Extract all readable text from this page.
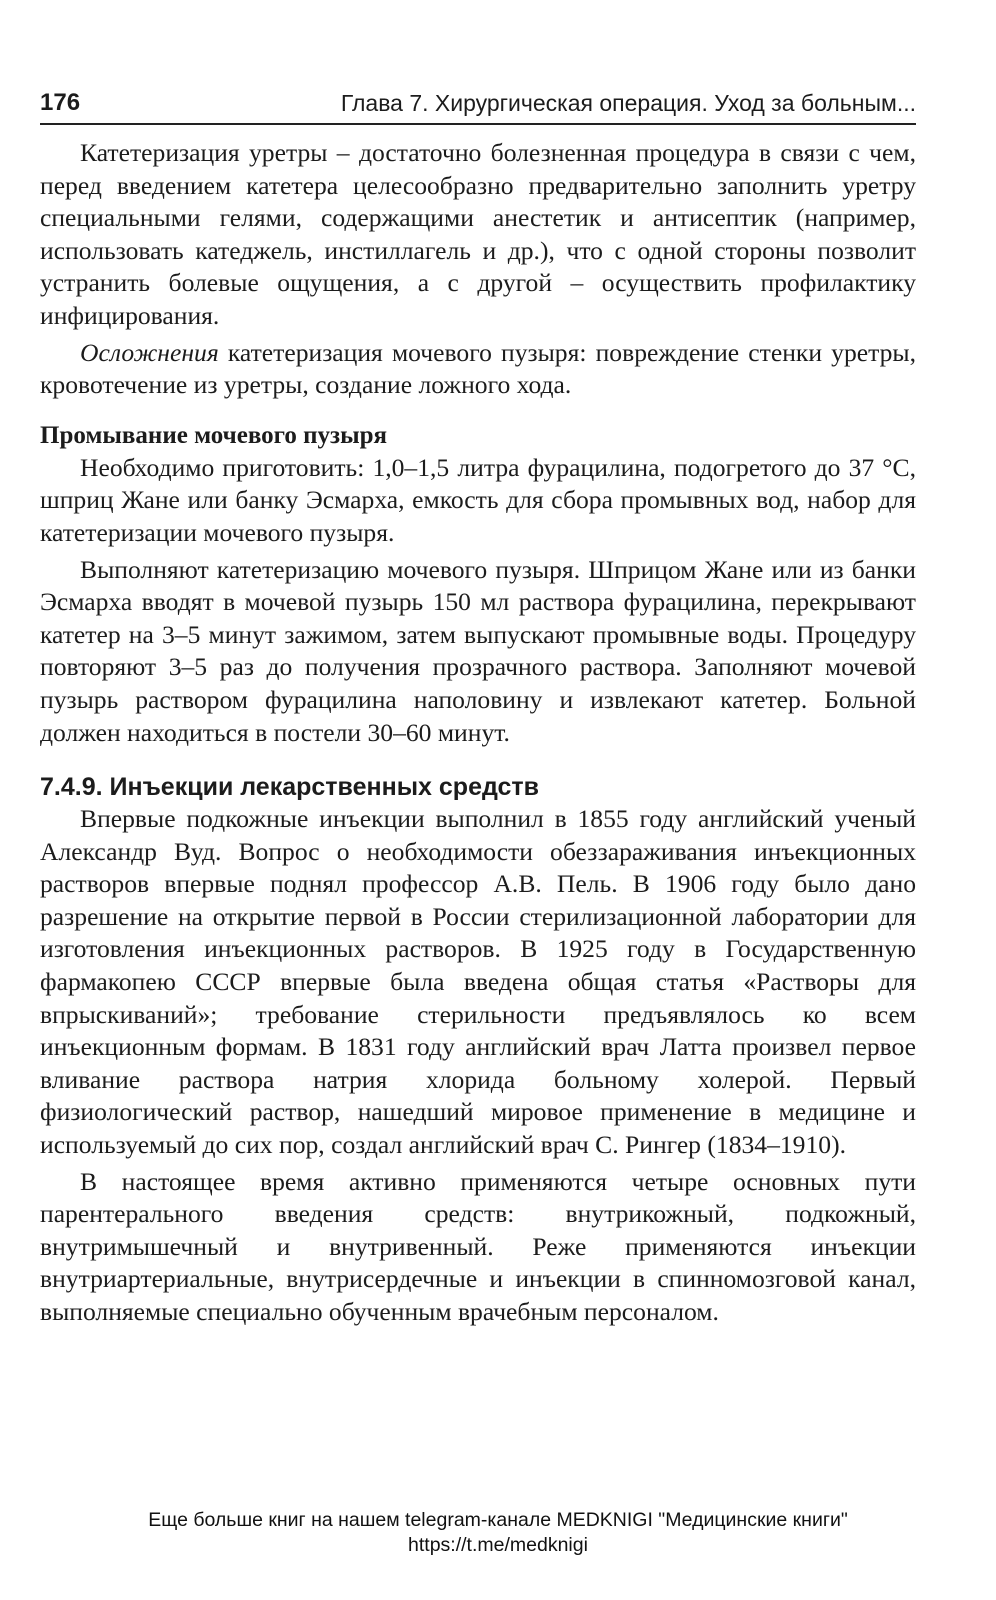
176	Глава 7. Хирургическая операция. Уход за больным...

Катетеризация уретры – достаточно болезненная процедура в связи с чем, перед введением катетера целесообразно предварительно заполнить уретру специальными гелями, содержащими анестетик и антисептик (например, использовать катеджель, инстиллагель и др.), что с одной стороны позволит устранить болевые ощущения, а с другой – осуществить профилактику инфицирования.

Осложнения катетеризация мочевого пузыря: повреждение стенки уретры, кровотечение из уретры, создание ложного хода.

Промывание мочевого пузыря

Необходимо приготовить: 1,0–1,5 литра фурацилина, подогретого до 37 °С, шприц Жане или банку Эсмарха, емкость для сбора промывных вод, набор для катетеризации мочевого пузыря.

Выполняют катетеризацию мочевого пузыря. Шприцом Жане или из банки Эсмарха вводят в мочевой пузырь 150 мл раствора фурацилина, перекрывают катетер на 3–5 минут зажимом, затем выпускают промывные воды. Процедуру повторяют 3–5 раз до получения прозрачного раствора. Заполняют мочевой пузырь раствором фурацилина наполовину и извлекают катетер. Больной должен находиться в постели 30–60 минут.

7.4.9. Инъекции лекарственных средств

Впервые подкожные инъекции выполнил в 1855 году английский ученый Александр Вуд. Вопрос о необходимости обеззараживания инъекционных растворов впервые поднял профессор А.В. Пель. В 1906 году было дано разрешение на открытие первой в России стерилизационной лаборатории для изготовления инъекционных растворов. В 1925 году в Государственную фармакопею СССР впервые была введена общая статья «Растворы для впрыскиваний»; требование стерильности предъявлялось ко всем инъекционным формам. В 1831 году английский врач Латта произвел первое вливание раствора натрия хлорида больному холерой. Первый физиологический раствор, нашедший мировое применение в медицине и используемый до сих пор, создал английский врач С. Рингер (1834–1910).

В настоящее время активно применяются четыре основных пути парентерального введения средств: внутрикожный, подкожный, внутримышечный и внутривенный. Реже применяются инъекции внутриартериальные, внутрисердечные и инъекции в спинномозговой канал, выполняемые специально обученным врачебным персоналом.

Еще больше книг на нашем telegram-канале MEDKNIGI "Медицинские книги"
https://t.me/medknigi
